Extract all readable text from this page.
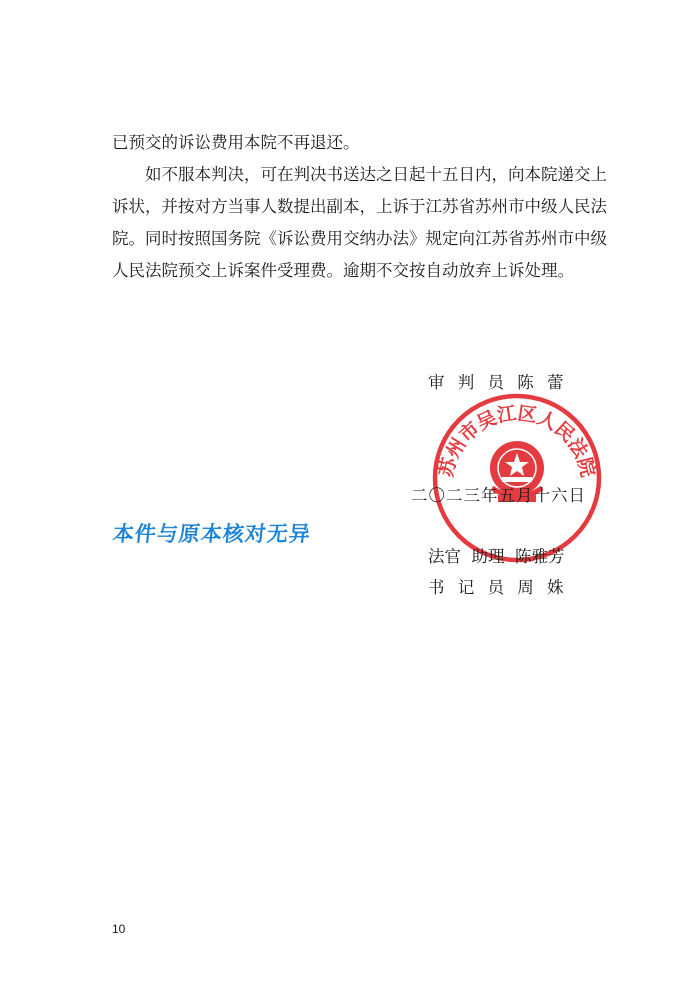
已预交的诉讼费用本院不再退还。

如不服本判决，可在判决书送达之日起十五日内，向本院递交上诉状，并按对方当事人数提出副本，上诉于江苏省苏州市中级人民法院。同时按照国务院《诉讼费用交纳办法》规定向江苏省苏州市中级人民法院预交上诉案件受理费。逾期不交按自动放弃上诉处理。

审 判 员 陈 蕾
苏州市吴江区人民法院
二〇二三年五月十六日
本件与原本核对无异
法官  助理  陈雅芳
书 记 员 周 姝
10
